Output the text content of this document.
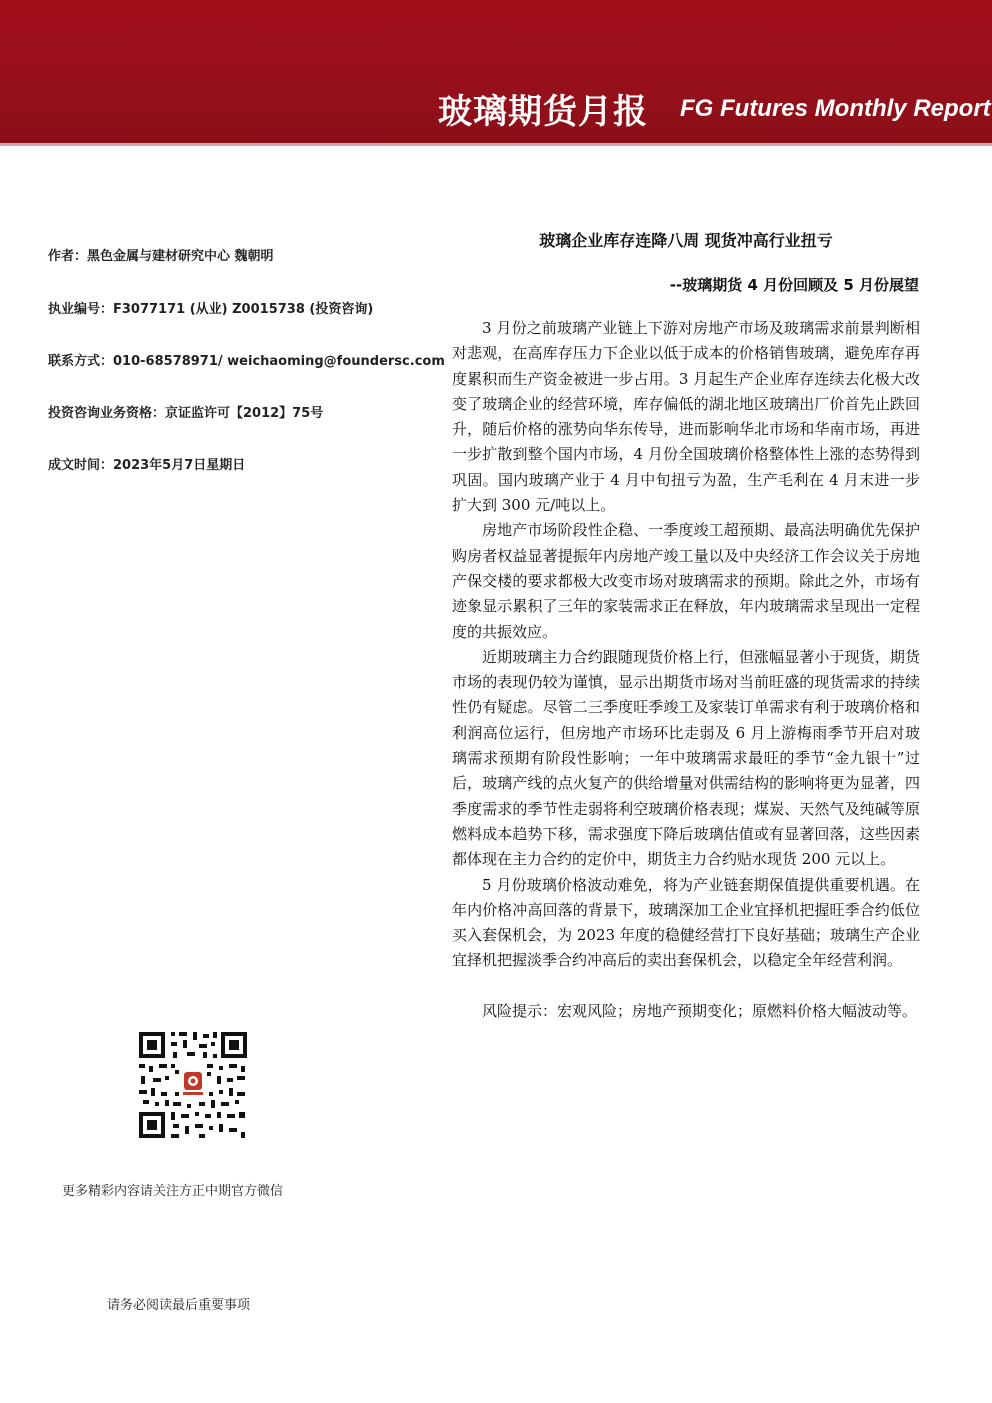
玻璃期货月报 FG Futures Monthly Report
作者：黑色金属与建材研究中心 魏朝明
执业编号：F3077171 (从业) Z0015738 (投资咨询)
联系方式：010-68578971/ weichaoming@foundersc.com
投资咨询业务资格：京证监许可【2012】75号
成文时间：2023年5月7日星期日
玻璃企业库存连降八周 现货冲高行业扭亏
--玻璃期货 4 月份回顾及 5 月份展望

3 月份之前玻璃产业链上下游对房地产市场及玻璃需求前景判断相对悲观，在高库存压力下企业以低于成本的价格销售玻璃，避免库存再度累积而生产资金被进一步占用。3 月起生产企业库存连续去化极大改变了玻璃企业的经营环境，库存偏低的湖北地区玻璃出厂价首先止跌回升，随后价格的涨势向华东传导，进而影响华北市场和华南市场，再进一步扩散到整个国内市场，4 月份全国玻璃价格整体性上涨的态势得到巩固。国内玻璃产业于 4 月中旬扭亏为盈，生产毛利在 4 月末进一步扩大到 300 元/吨以上。

房地产市场阶段性企稳、一季度竣工超预期、最高法明确优先保护购房者权益显著提振年内房地产竣工量以及中央经济工作会议关于房地产保交楼的要求都极大改变市场对玻璃需求的预期。除此之外，市场有迹象显示累积了三年的家装需求正在释放，年内玻璃需求呈现出一定程度的共振效应。

近期玻璃主力合约跟随现货价格上行，但涨幅显著小于现货，期货市场的表现仍较为谨慎，显示出期货市场对当前旺盛的现货需求的持续性仍有疑虑。尽管二三季度旺季竣工及家装订单需求有利于玻璃价格和利润高位运行，但房地产市场环比走弱及 6 月上游梅雨季节开启对玻璃需求预期有阶段性影响；一年中玻璃需求最旺的季节“金九银十”过后，玻璃产线的点火复产的供给增量对供需结构的影响将更为显著，四季度需求的季节性走弱将利空玻璃价格表现；煤炭、天然气及纯碱等原燃料成本趋势下移，需求强度下降后玻璃估值或有显著回落，这些因素都体现在主力合约的定价中，期货主力合约贴水现货 200 元以上。

5 月份玻璃价格波动难免，将为产业链套期保值提供重要机遇。在年内价格冲高回落的背景下，玻璃深加工企业宜择机把握旺季合约低位买入套保机会，为 2023 年度的稳健经营打下良好基础；玻璃生产企业宜择机把握淡季合约冲高后的卖出套保机会，以稳定全年经营利润。

风险提示：宏观风险；房地产预期变化；原燃料价格大幅波动等。

更多精彩内容请关注方正中期官方微信
请务必阅读最后重要事项
